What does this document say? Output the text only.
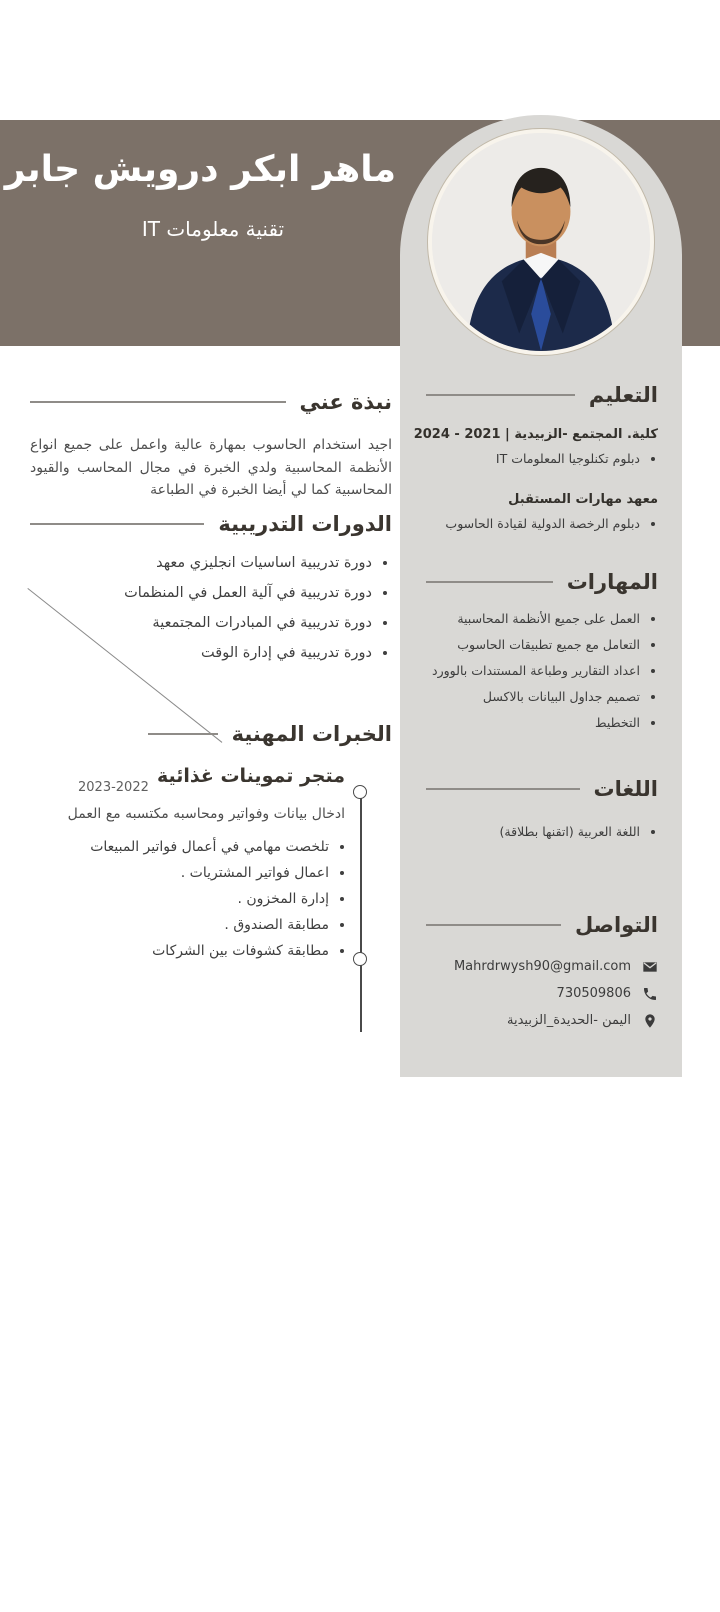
ماهر ابكر درويش جابر
تقنية معلومات IT
التعليم
كلية. المجتمع -الزبيدية | 2021 - 2024
• دبلوم تكنلوجيا المعلومات IT
معهد مهارات المستقبل
• دبلوم الرخصة الدولية لقيادة الحاسوب
المهارات
• العمل على جميع الأنظمة المحاسبية
• التعامل مع جميع تطبيقات الحاسوب
• اعداد التقارير وطباعة المستندات بالوورد
• تصميم جداول البيانات بالاكسل
• التخطيط
اللغات
• اللغة العربية (اتقنها بطلاقة)
التواصل
Mahrdrwysh90@gmail.com
730509806
اليمن -الحديدة_الزبيدية
نبذة عني

اجيد استخدام الحاسوب بمهارة عالية واعمل على جميع انواع الأنظمة المحاسبية ولدي الخبرة في مجال المحاسب والقيود المحاسبية كما لي أيضا الخبرة في الطباعة

الدورات التدريبية
• دورة تدريبية اساسيات انجليزي معهد
• دورة تدريبية في آلية العمل في المنظمات
• دورة تدريبية في المبادرات المجتمعية
• دورة تدريبية في إدارة الوقت
الخبرات المهنية
متجر تموينات غذائية
2023-2022
ادخال بيانات وفواتير ومحاسبه مكتسبه مع العمل
• تلخصت مهامي في أعمال فواتير المبيعات
• اعمال فواتير المشتريات .
• إدارة المخزون .
• مطابقة الصندوق .
• مطابقة كشوفات بين الشركات
